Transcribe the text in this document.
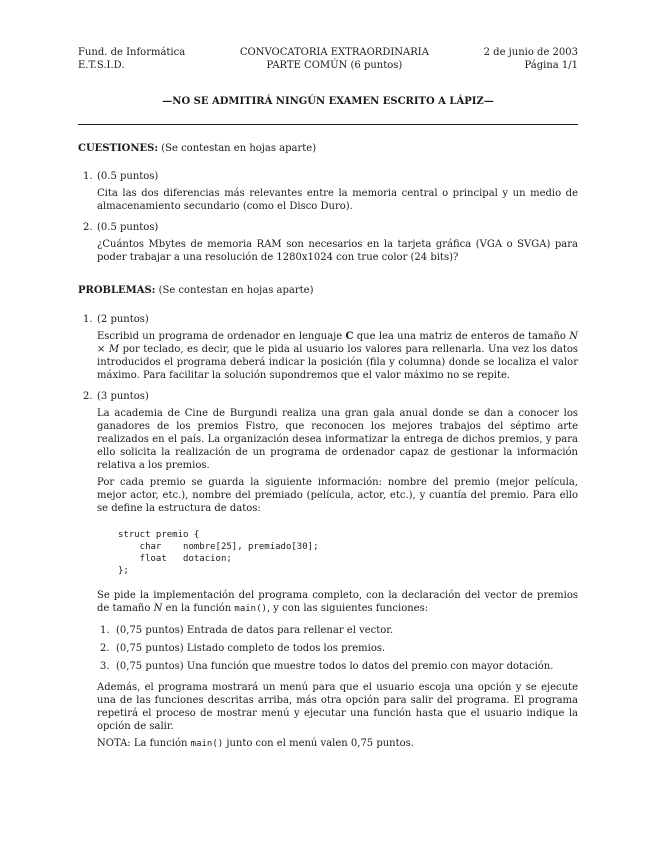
Fund. de Informática
E.T.S.I.D.
CONVOCATORIA EXTRAORDINARIA
PARTE COMÚN (6 puntos)
2 de junio de 2003
Página 1/1
—NO SE ADMITIRÁ NINGÚN EXAMEN ESCRITO A LÁPIZ—
CUESTIONES: (Se contestan en hojas aparte)
1. (0.5 puntos)
Cita las dos diferencias más relevantes entre la memoria central o principal y un medio de almacenamiento secundario (como el Disco Duro).
2. (0.5 puntos)
¿Cuántos Mbytes de memoria RAM son necesarios en la tarjeta gráfica (VGA o SVGA) para poder trabajar a una resolución de 1280x1024 con true color (24 bits)?
PROBLEMAS: (Se contestan en hojas aparte)
1. (2 puntos)
Escribid un programa de ordenador en lenguaje C que lea una matriz de enteros de tamaño N × M por teclado, es decir, que le pida al usuario los valores para rellenarla. Una vez los datos introducidos el programa deberá indicar la posición (fila y columna) donde se localiza el valor máximo. Para facilitar la solución supondremos que el valor máximo no se repite.
2. (3 puntos)

La academia de Cine de Burgundi realiza una gran gala anual donde se dan a conocer los ganadores de los premios Fistro, que reconocen los mejores trabajos del séptimo arte realizados en el país. La organización desea informatizar la entrega de dichos premios, y para ello solicita la realización de un programa de ordenador capaz de gestionar la información relativa a los premios.

Por cada premio se guarda la siguiente información: nombre del premio (mejor película, mejor actor, etc.), nombre del premiado (película, actor, etc.), y cuantía del premio. Para ello se define la estructura de datos:

struct premio {
char    nombre[25], premiado[30];
float   dotacion;
};

Se pide la implementación del programa completo, con la declaración del vector de premios de tamaño N en la función main(), y con las siguientes funciones:

1. (0,75 puntos) Entrada de datos para rellenar el vector.
2. (0,75 puntos) Listado completo de todos los premios.
3. (0,75 puntos) Una función que muestre todos lo datos del premio con mayor dotación.

Además, el programa mostrará un menú para que el usuario escoja una opción y se ejecute una de las funciones descritas arriba, más otra opción para salir del programa. El programa repetirá el proceso de mostrar menú y ejecutar una función hasta que el usuario indique la opción de salir.

NOTA: La función main() junto con el menú valen 0,75 puntos.
